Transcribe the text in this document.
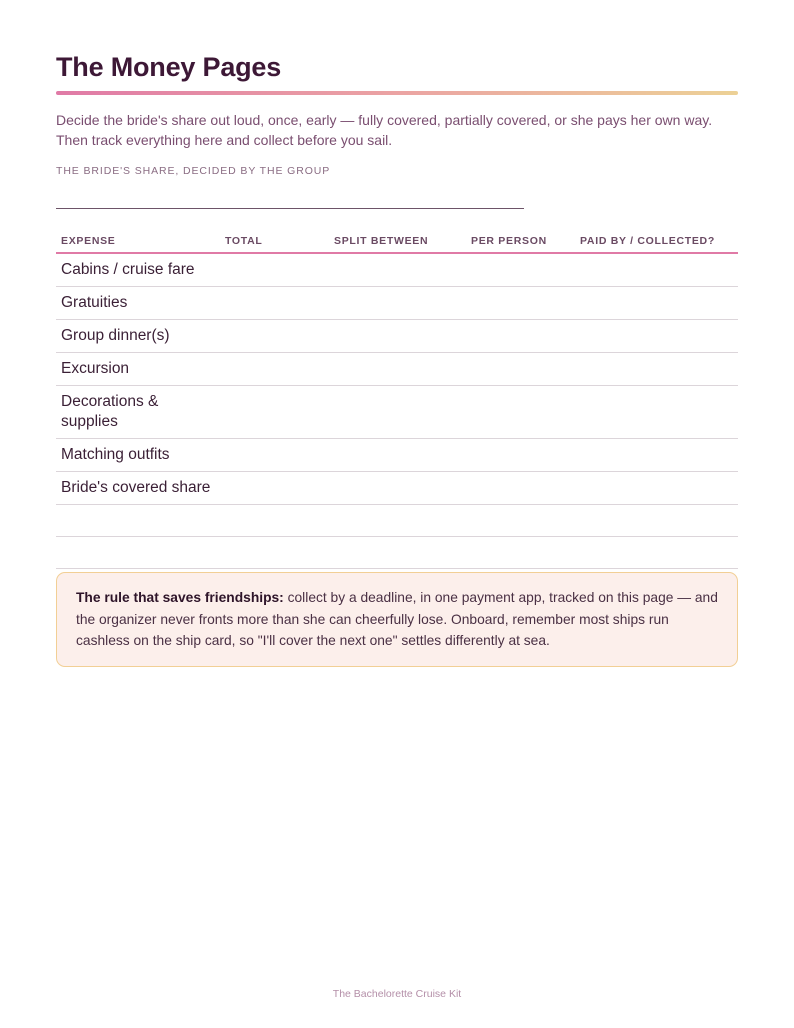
The Money Pages

Decide the bride's share out loud, once, early — fully covered, partially covered, or she pays her own way. Then track everything here and collect before you sail.

THE BRIDE'S SHARE, DECIDED BY THE GROUP

EXPENSE	TOTAL	SPLIT BETWEEN	PER PERSON	PAID BY / COLLECTED?
Cabins / cruise fare				
Gratuities				
Group dinner(s)				
Excursion				
Decorations & supplies				
Matching outfits				
Bride's covered share				

The rule that saves friendships: collect by a deadline, in one payment app, tracked on this page — and the organizer never fronts more than she can cheerfully lose. Onboard, remember most ships run cashless on the ship card, so "I'll cover the next one" settles differently at sea.
The Bachelorette Cruise Kit
